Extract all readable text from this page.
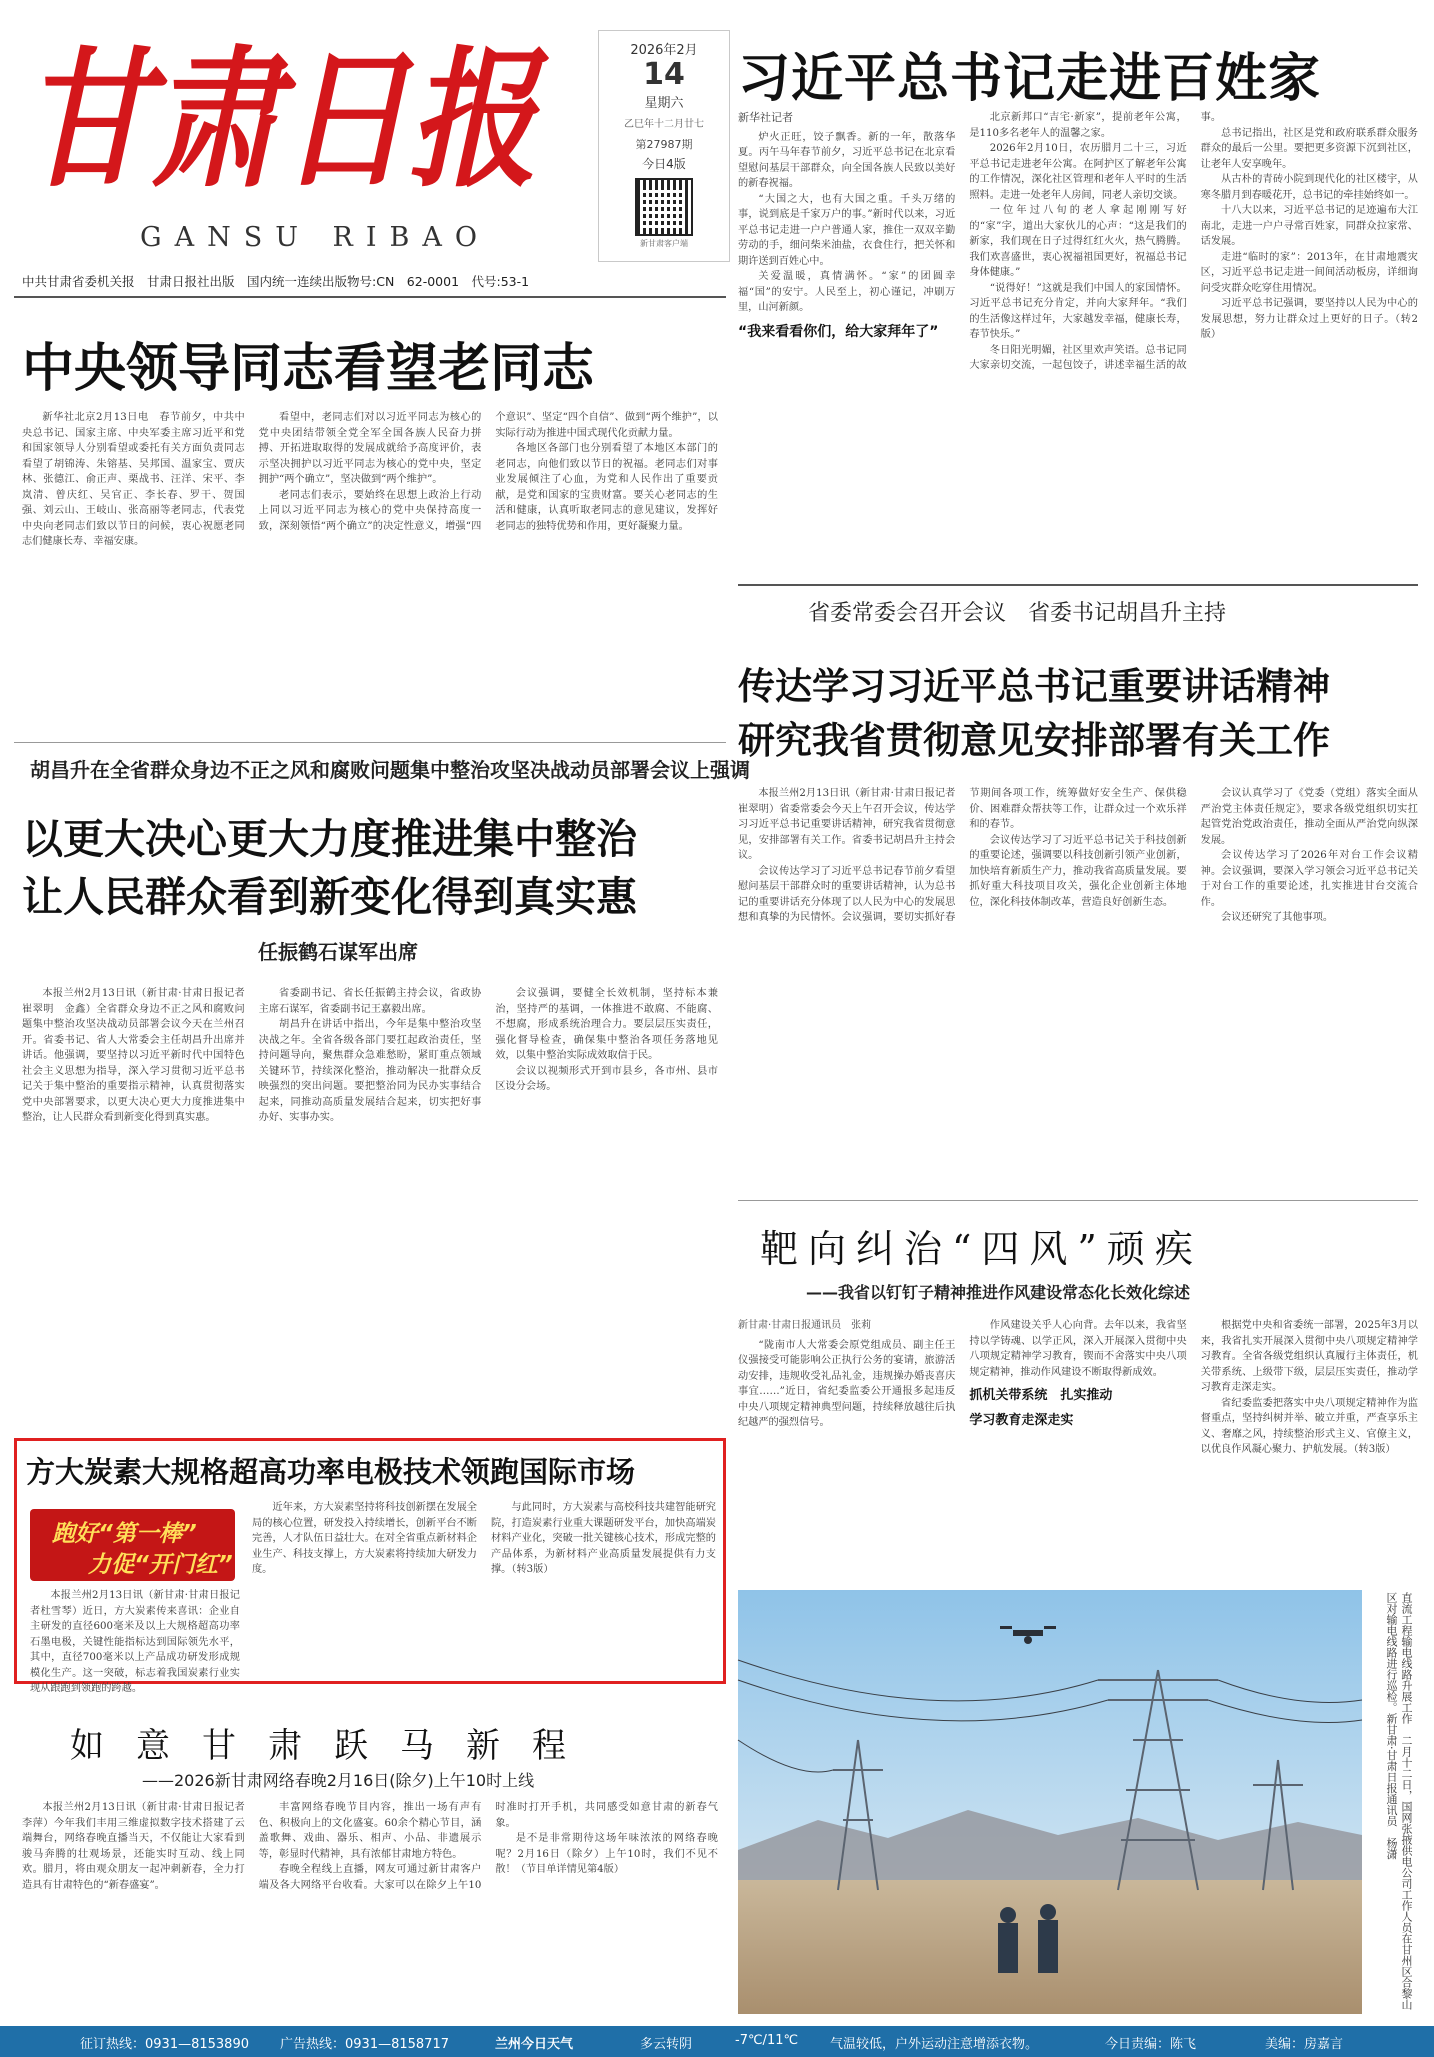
甘肃日报
GANSU RIBAO
2026年2月
14
星期六
乙巳年十二月廿七
第27987期
今日4版
新甘肃客户端
中共甘肃省委机关报　甘肃日报社出版　国内统一连续出版物号:CN　62-0001　代号:53-1
习近平总书记走进百姓家

新华社记者

炉火正旺，饺子飘香。新的一年，散落华夏。丙午马年春节前夕，习近平总书记在北京看望慰问基层干部群众，向全国各族人民致以美好的新春祝福。

“大国之大，也有大国之重。千头万绪的事，说到底是千家万户的事。”新时代以来，习近平总书记走进一户户普通人家，推住一双双辛勤劳动的手，细问柴米油盐，衣食住行，把关怀和期许送到百姓心中。

关爱温暖，真情满怀。“家”的团圆幸福“国”的安宁。人民至上，初心谨记，冲刷万里，山河新颜。

“我来看看你们，给大家拜年了”

北京新邦口“吉宅·新家”，提前老年公寓，是110多名老年人的温馨之家。

2026年2月10日，农历腊月二十三，习近平总书记走进老年公寓。在阿护区了解老年公寓的工作情况，深化社区管理和老年人平时的生活照料。走进一处老年人房间，同老人亲切交谈。

一位年过八旬的老人拿起刚刚写好的“家”字，道出大家伙儿的心声：“这是我们的新家，我们现在日子过得红红火火，热气腾腾。我们欢喜盛世，衷心祝福祖国更好，祝福总书记身体健康。”

“说得好！”这就是我们中国人的家国情怀。习近平总书记充分肯定，并向大家拜年。“我们的生活像这样过年，大家越发幸福，健康长寿，春节快乐。”

冬日阳光明媚，社区里欢声笑语。总书记同大家亲切交流，一起包饺子，讲述幸福生活的故事。

总书记指出，社区是党和政府联系群众服务群众的最后一公里。要把更多资源下沉到社区，让老年人安享晚年。

从古朴的青砖小院到现代化的社区楼宇，从寒冬腊月到春暖花开，总书记的牵挂始终如一。

十八大以来，习近平总书记的足迹遍布大江南北，走进一户户寻常百姓家，同群众拉家常、话发展。

走进“临时的家”：2013年，在甘肃地震灾区，习近平总书记走进一间间活动板房，详细询问受灾群众吃穿住用情况。

习近平总书记强调，要坚持以人民为中心的发展思想，努力让群众过上更好的日子。（转2版）

中央领导同志看望老同志

新华社北京2月13日电　春节前夕，中共中央总书记、国家主席、中央军委主席习近平和党和国家领导人分别看望或委托有关方面负责同志看望了胡锦涛、朱镕基、吴邦国、温家宝、贾庆林、张德江、俞正声、栗战书、汪洋、宋平、李岚清、曾庆红、吴官正、李长春、罗干、贺国强、刘云山、王岐山、张高丽等老同志，代表党中央向老同志们致以节日的问候，衷心祝愿老同志们健康长寿、幸福安康。

看望中，老同志们对以习近平同志为核心的党中央团结带领全党全军全国各族人民奋力拼搏、开拓进取取得的发展成就给予高度评价，表示坚决拥护以习近平同志为核心的党中央，坚定拥护“两个确立”，坚决做到“两个维护”。

老同志们表示，要始终在思想上政治上行动上同以习近平同志为核心的党中央保持高度一致，深刻领悟“两个确立”的决定性意义，增强“四个意识”、坚定“四个自信”、做到“两个维护”，以实际行动为推进中国式现代化贡献力量。

各地区各部门也分别看望了本地区本部门的老同志，向他们致以节日的祝福。老同志们对事业发展倾注了心血，为党和人民作出了重要贡献，是党和国家的宝贵财富。要关心老同志的生活和健康，认真听取老同志的意见建议，发挥好老同志的独特优势和作用，更好凝聚力量。

胡昌升在全省群众身边不正之风和腐败问题集中整治攻坚决战动员部署会议上强调
以更大决心更大力度推进集中整治
让人民群众看到新变化得到真实惠
任振鹤石谋军出席

本报兰州2月13日讯（新甘肃·甘肃日报记者崔翠明　金鑫）全省群众身边不正之风和腐败问题集中整治攻坚决战动员部署会议今天在兰州召开。省委书记、省人大常委会主任胡昌升出席并讲话。他强调，要坚持以习近平新时代中国特色社会主义思想为指导，深入学习贯彻习近平总书记关于集中整治的重要指示精神，认真贯彻落实党中央部署要求，以更大决心更大力度推进集中整治，让人民群众看到新变化得到真实惠。

省委副书记、省长任振鹤主持会议，省政协主席石谋军，省委副书记王嘉毅出席。

胡昌升在讲话中指出，今年是集中整治攻坚决战之年。全省各级各部门要扛起政治责任，坚持问题导向，聚焦群众急难愁盼，紧盯重点领域关键环节，持续深化整治，推动解决一批群众反映强烈的突出问题。要把整治同为民办实事结合起来，同推动高质量发展结合起来，切实把好事办好、实事办实。

会议强调，要健全长效机制，坚持标本兼治，坚持严的基调，一体推进不敢腐、不能腐、不想腐，形成系统治理合力。要层层压实责任，强化督导检查，确保集中整治各项任务落地见效，以集中整治实际成效取信于民。

会议以视频形式开到市县乡，各市州、县市区设分会场。

方大炭素大规格超高功率电极技术领跑国际市场
跑好“第一棒”
力促“开门红”

本报兰州2月13日讯（新甘肃·甘肃日报记者杜雪琴）近日，方大炭素传来喜讯：企业自主研发的直径600毫米及以上大规格超高功率石墨电极，关键性能指标达到国际领先水平，其中，直径700毫米以上产品成功研发形成规模化生产。这一突破，标志着我国炭素行业实现从跟跑到领跑的跨越。

近年来，方大炭素坚持将科技创新摆在发展全局的核心位置，研发投入持续增长，创新平台不断完善，人才队伍日益壮大。在对全省重点新材料企业生产、科技支撑上，方大炭素将持续加大研发力度。

与此同时，方大炭素与高校科技共建智能研究院，打造炭素行业重大课题研发平台，加快高端炭材料产业化，突破一批关键核心技术，形成完整的产品体系，为新材料产业高质量发展提供有力支撑。（转3版）

如意甘肃跃马新程
——2026新甘肃网络春晚2月16日(除夕)上午10时上线

本报兰州2月13日讯（新甘肃·甘肃日报记者李萍）今年我们丰用三维虚拟数字技术搭建了云端舞台，网络春晚直播当天，不仅能让大家看到骏马奔腾的壮观场景，还能实时互动、线上同欢。腊月，将由观众朋友一起冲刺新春，全力打造具有甘肃特色的“新春盛宴”。

丰富网络春晚节目内容，推出一场有声有色、积极向上的文化盛宴。60余个精心节目，涵盖歌舞、戏曲、器乐、相声、小品、非遗展示等，彰显时代精神，具有浓郁甘肃地方特色。

春晚全程线上直播，网友可通过新甘肃客户端及各大网络平台收看。大家可以在除夕上午10时准时打开手机，共同感受如意甘肃的新春气象。

是不是非常期待这场年味浓浓的网络春晚呢？2月16日（除夕）上午10时，我们不见不散！（节目单详情见第4版）

省委常委会召开会议　省委书记胡昌升主持
传达学习习近平总书记重要讲话精神
研究我省贯彻意见安排部署有关工作

本报兰州2月13日讯（新甘肃·甘肃日报记者崔翠明）省委常委会今天上午召开会议，传达学习习近平总书记重要讲话精神，研究我省贯彻意见，安排部署有关工作。省委书记胡昌升主持会议。

会议传达学习了习近平总书记春节前夕看望慰问基层干部群众时的重要讲话精神，认为总书记的重要讲话充分体现了以人民为中心的发展思想和真挚的为民情怀。会议强调，要切实抓好春节期间各项工作，统筹做好安全生产、保供稳价、困难群众帮扶等工作，让群众过一个欢乐祥和的春节。

会议传达学习了习近平总书记关于科技创新的重要论述，强调要以科技创新引领产业创新，加快培育新质生产力，推动我省高质量发展。要抓好重大科技项目攻关，强化企业创新主体地位，深化科技体制改革，营造良好创新生态。

会议认真学习了《党委（党组）落实全面从严治党主体责任规定》，要求各级党组织切实扛起管党治党政治责任，推动全面从严治党向纵深发展。

会议传达学习了2026年对台工作会议精神。会议强调，要深入学习领会习近平总书记关于对台工作的重要论述，扎实推进甘台交流合作。

会议还研究了其他事项。

靶向纠治“四风”顽疾
——我省以钉钉子精神推进作风建设常态化长效化综述

新甘肃·甘肃日报通讯员　张莉

“陇南市人大常委会原党组成员、副主任王仪强接受可能影响公正执行公务的宴请，旅游活动安排，违规收受礼品礼金，违规操办婚丧喜庆事宜……”近日，省纪委监委公开通报多起违反中央八项规定精神典型问题，持续释放越往后执纪越严的强烈信号。

作风建设关乎人心向背。去年以来，我省坚持以学铸魂、以学正风，深入开展深入贯彻中央八项规定精神学习教育，锲而不舍落实中央八项规定精神，推动作风建设不断取得新成效。

抓机关带系统　扎实推动

学习教育走深走实

根据党中央和省委统一部署，2025年3月以来，我省扎实开展深入贯彻中央八项规定精神学习教育。全省各级党组织认真履行主体责任，机关带系统、上级带下级，层层压实责任，推动学习教育走深走实。

省纪委监委把落实中央八项规定精神作为监督重点，坚持纠树并举、破立并重，严查享乐主义、奢靡之风，持续整治形式主义、官僚主义，以优良作风凝心聚力、护航发展。（转3版）

直流工程输电线路升展工作　二月十二日，国网张掖供电公司工作人员在甘州区合黎山区对输电线路进行巡检。新甘肃·甘肃日报通讯员　杨潇
征订热线：0931—8153890 广告热线：0931—8158717	兰州今日天气	多云转阴	-7℃/11℃ 气温较低，户外运动注意增添衣物。	今日责编：陈飞	美编：房嘉言
